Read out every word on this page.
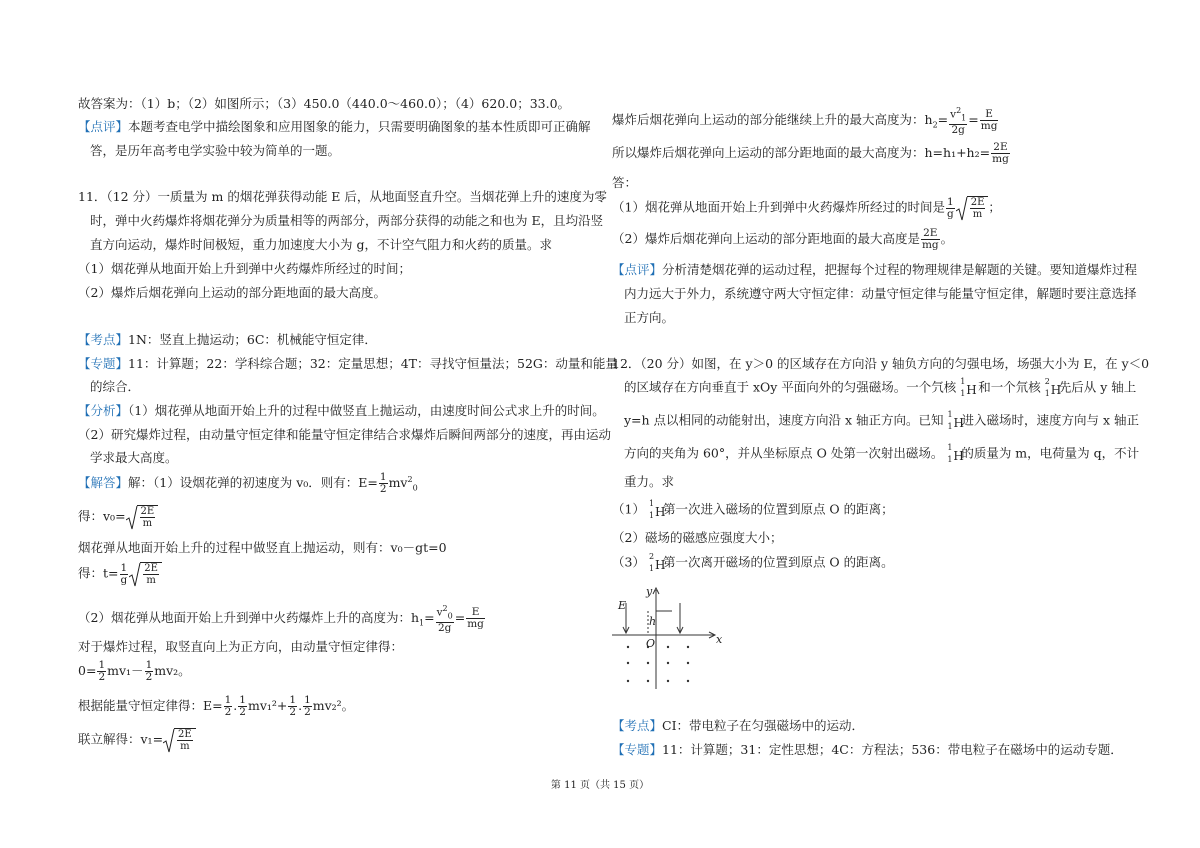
故答案为：（1）b；（2）如图所示；（3）450.0（440.0～460.0）；（4）620.0；33.0。
【点评】本题考查电学中描绘图象和应用图象的能力，只需要明确图象的基本性质即可正确解
答，是历年高考电学实验中较为简单的一题。
11．（12 分）一质量为 m 的烟花弹获得动能 E 后，从地面竖直升空。当烟花弹上升的速度为零
时，弹中火药爆炸将烟花弹分为质量相等的两部分，两部分获得的动能之和也为 E，且均沿竖
直方向运动，爆炸时间极短，重力加速度大小为 g，不计空气阻力和火药的质量。求
（1）烟花弹从地面开始上升到弹中火药爆炸所经过的时间；
（2）爆炸后烟花弹向上运动的部分距地面的最大高度。
【考点】1N：竖直上抛运动；6C：机械能守恒定律．
【专题】11：计算题；22：学科综合题；32：定量思想；4T：寻找守恒量法；52G：动量和能量
的综合．
【分析】（1）烟花弹从地面开始上升的过程中做竖直上抛运动，由速度时间公式求上升的时间。
（2）研究爆炸过程，由动量守恒定律和能量守恒定律结合求爆炸后瞬间两部分的速度，再由运动
学求最大高度。
【解答】解：（1）设烟花弹的初速度为 v₀．则有：$E= \frac{1}{2} mv^2_0$
得：$v_0= \frac{2E}{m}$
烟花弹从地面开始上升的过程中做竖直上抛运动，则有：v₀－gt=0
得：$t= \frac{1}{g} \frac{2E}{m}$
（2）烟花弹从地面开始上升到弹中火药爆炸上升的高度为：$h_1= \frac{v^2_0}{2g} = \frac{E}{mg}$
对于爆炸过程，取竖直向上为正方向，由动量守恒定律得：
$0= \frac{1}{2} mv_1- \frac{1}{2} mv_2$。
根据能量守恒定律得：$E= \frac{1}{2}$ . $\frac{1}{2} mv_1^2+ \frac{1}{2}$ . $\frac{1}{2} mv_2^2$。
联立解得：$v_1= \frac{2E}{m}$
爆炸后烟花弹向上运动的部分能继续上升的最大高度为：$h_2= \frac{v^2_1}{2g} = \frac{E}{mg}$
所以爆炸后烟花弹向上运动的部分距地面的最大高度为：$h=h_1+h_2= \frac{2E}{mg}$
答：
（1）烟花弹从地面开始上升到弹中火药爆炸所经过的时间是 $\frac{1}{g} \frac{2E}{m}$ ；
（2）爆炸后烟花弹向上运动的部分距地面的最大高度是 $\frac{2E}{mg}$ 。
【点评】分析清楚烟花弹的运动过程，把握每个过程的物理规律是解题的关键。要知道爆炸过程
内力远大于外力，系统遵守两大守恒定律：动量守恒定律与能量守恒定律，解题时要注意选择
正方向。
12．（20 分）如图，在 y＞0 的区域存在方向沿 y 轴负方向的匀强电场，场强大小为 E，在 y＜0
的区域存在方向垂直于 xOy 平面向外的匀强磁场。一个氕核 1
1 H 和一个氘核 2
1 H
先后从 y 轴上
y=h 点以相同的动能射出，速度方向沿 x 轴正方向。已知 1
1 H
进入磁场时，速度方向与 x 轴正
方向的夹角为 60°，并从坐标原点 O 处第一次射出磁场。 1
1 H
的质量为 m，电荷量为 q，不计
重力。求
（1） 1
1 H
第一次进入磁场的位置到原点 O 的距离；
（2）磁场的磁感应强度大小；
（3） 2
1 H
第一次离开磁场的位置到原点 O 的距离。
E
y
h
O	x
【考点】CI：带电粒子在匀强磁场中的运动．
【专题】11：计算题；31：定性思想；4C：方程法；536：带电粒子在磁场中的运动专题．
第 11 页（共 15 页）
